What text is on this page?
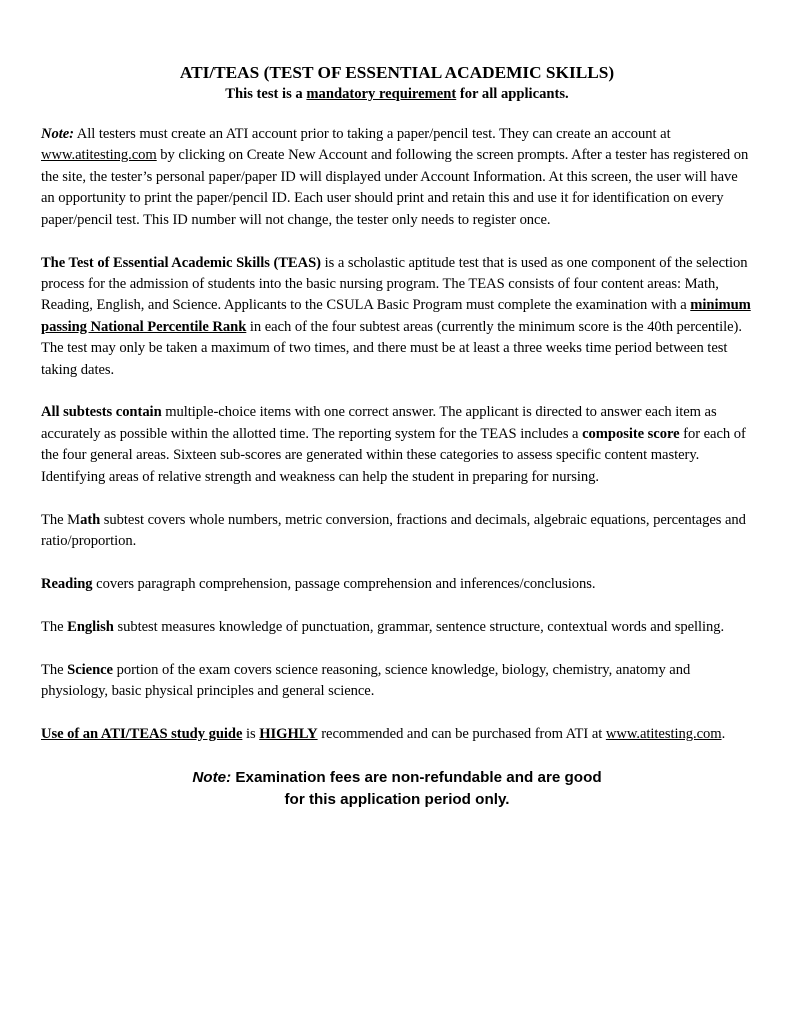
ATI/TEAS (TEST OF ESSENTIAL ACADEMIC SKILLS)
This test is a mandatory requirement for all applicants.

Note: All testers must create an ATI account prior to taking a paper/pencil test. They can create an account at www.atitesting.com by clicking on Create New Account and following the screen prompts. After a tester has registered on the site, the tester’s personal paper/paper ID will displayed under Account Information. At this screen, the user will have an opportunity to print the paper/pencil ID. Each user should print and retain this and use it for identification on every paper/pencil test. This ID number will not change, the tester only needs to register once.

The Test of Essential Academic Skills (TEAS) is a scholastic aptitude test that is used as one component of the selection process for the admission of students into the basic nursing program. The TEAS consists of four content areas: Math, Reading, English, and Science. Applicants to the CSULA Basic Program must complete the examination with a minimum passing National Percentile Rank in each of the four subtest areas (currently the minimum score is the 40th percentile). The test may only be taken a maximum of two times, and there must be at least a three weeks time period between test taking dates.

All subtests contain multiple-choice items with one correct answer. The applicant is directed to answer each item as accurately as possible within the allotted time. The reporting system for the TEAS includes a composite score for each of the four general areas. Sixteen sub-scores are generated within these categories to assess specific content mastery. Identifying areas of relative strength and weakness can help the student in preparing for nursing.

The Math subtest covers whole numbers, metric conversion, fractions and decimals, algebraic equations, percentages and ratio/proportion.

Reading covers paragraph comprehension, passage comprehension and inferences/conclusions.

The English subtest measures knowledge of punctuation, grammar, sentence structure, contextual words and spelling.

The Science portion of the exam covers science reasoning, science knowledge, biology, chemistry, anatomy and physiology, basic physical principles and general science.

Use of an ATI/TEAS study guide is HIGHLY recommended and can be purchased from ATI at www.atitesting.com.

Note: Examination fees are non-refundable and are good
for this application period only.
